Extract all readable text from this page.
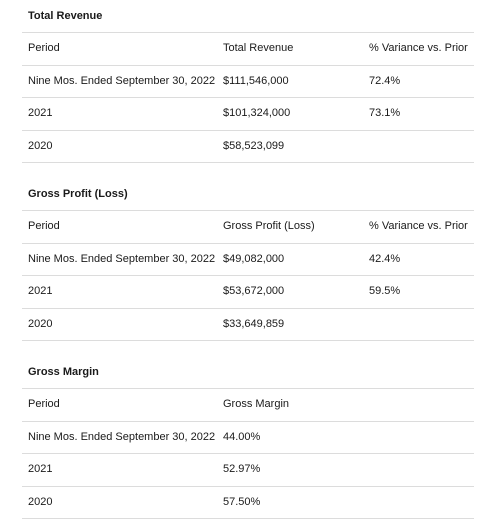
Total Revenue
Period	Total Revenue	% Variance vs. Prior
Nine Mos. Ended September 30, 2022 $111,546,000	72.4%
2021	$101,324,000	73.1%
2020	$58,523,099
Gross Profit (Loss)
Period	Gross Profit (Loss)	% Variance vs. Prior
Nine Mos. Ended September 30, 2022 $49,082,000	42.4%
2021	$53,672,000	59.5%
2020	$33,649,859
Gross Margin
Period	Gross Margin
Nine Mos. Ended September 30, 2022 44.00%
2021	52.97%
2020	57.50%
